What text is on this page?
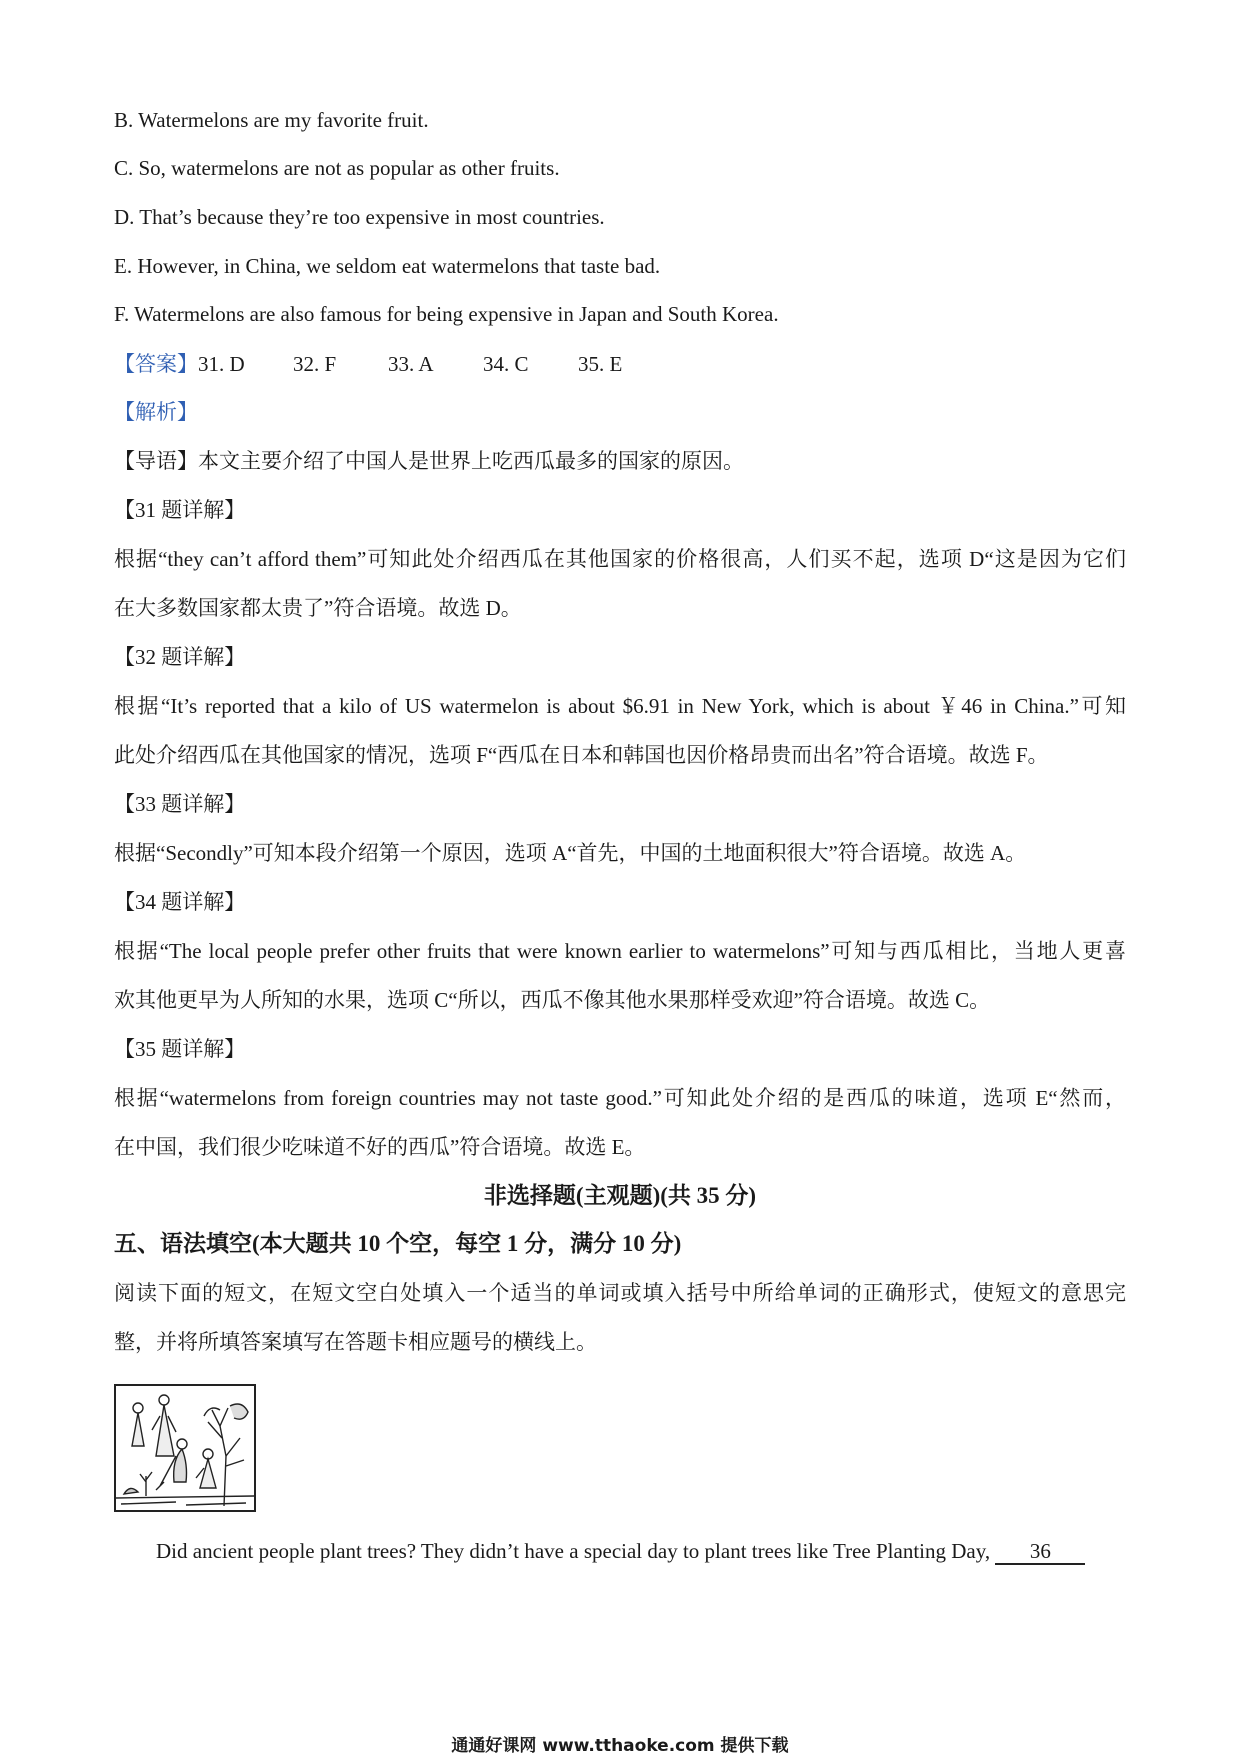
B. Watermelons are my favorite fruit.
C. So, watermelons are not as popular as other fruits.
D. That’s because they’re too expensive in most countries.
E. However, in China, we seldom eat watermelons that taste bad.
F. Watermelons are also famous for being expensive in Japan and South Korea.
【答案】31. D 32. F 33. A 34. C 35. E
【解析】
【导语】本文主要介绍了中国人是世界上吃西瓜最多的国家的原因。
【31 题详解】
根据“they can’t afford them”可知此处介绍西瓜在其他国家的价格很高，人们买不起，选项 D“这是因为它们
在大多数国家都太贵了”符合语境。故选 D。
【32 题详解】
根据“It’s reported that a kilo of US watermelon is about $6.91 in New York, which is about ￥46 in China.”可知
此处介绍西瓜在其他国家的情况，选项 F“西瓜在日本和韩国也因价格昂贵而出名”符合语境。故选 F。
【33 题详解】
根据“Secondly”可知本段介绍第一个原因，选项 A“首先，中国的土地面积很大”符合语境。故选 A。
【34 题详解】
根据“The local people prefer other fruits that were known earlier to watermelons”可知与西瓜相比，当地人更喜
欢其他更早为人所知的水果，选项 C“所以，西瓜不像其他水果那样受欢迎”符合语境。故选 C。
【35 题详解】
根据“watermelons from foreign countries may not taste good.”可知此处介绍的是西瓜的味道，选项 E“然而，
在中国，我们很少吃味道不好的西瓜”符合语境。故选 E。
非选择题(主观题)(共 35 分)
五、语法填空(本大题共 10 个空，每空 1 分，满分 10 分)
阅读下面的短文，在短文空白处填入一个适当的单词或填入括号中所给单词的正确形式，使短文的意思完
整，并将所填答案填写在答题卡相应题号的横线上。
Did ancient people plant trees? They didn’t have a special day to plant trees like Tree Planting Day, 36
通通好课网 www.tthaoke.com 提供下载
